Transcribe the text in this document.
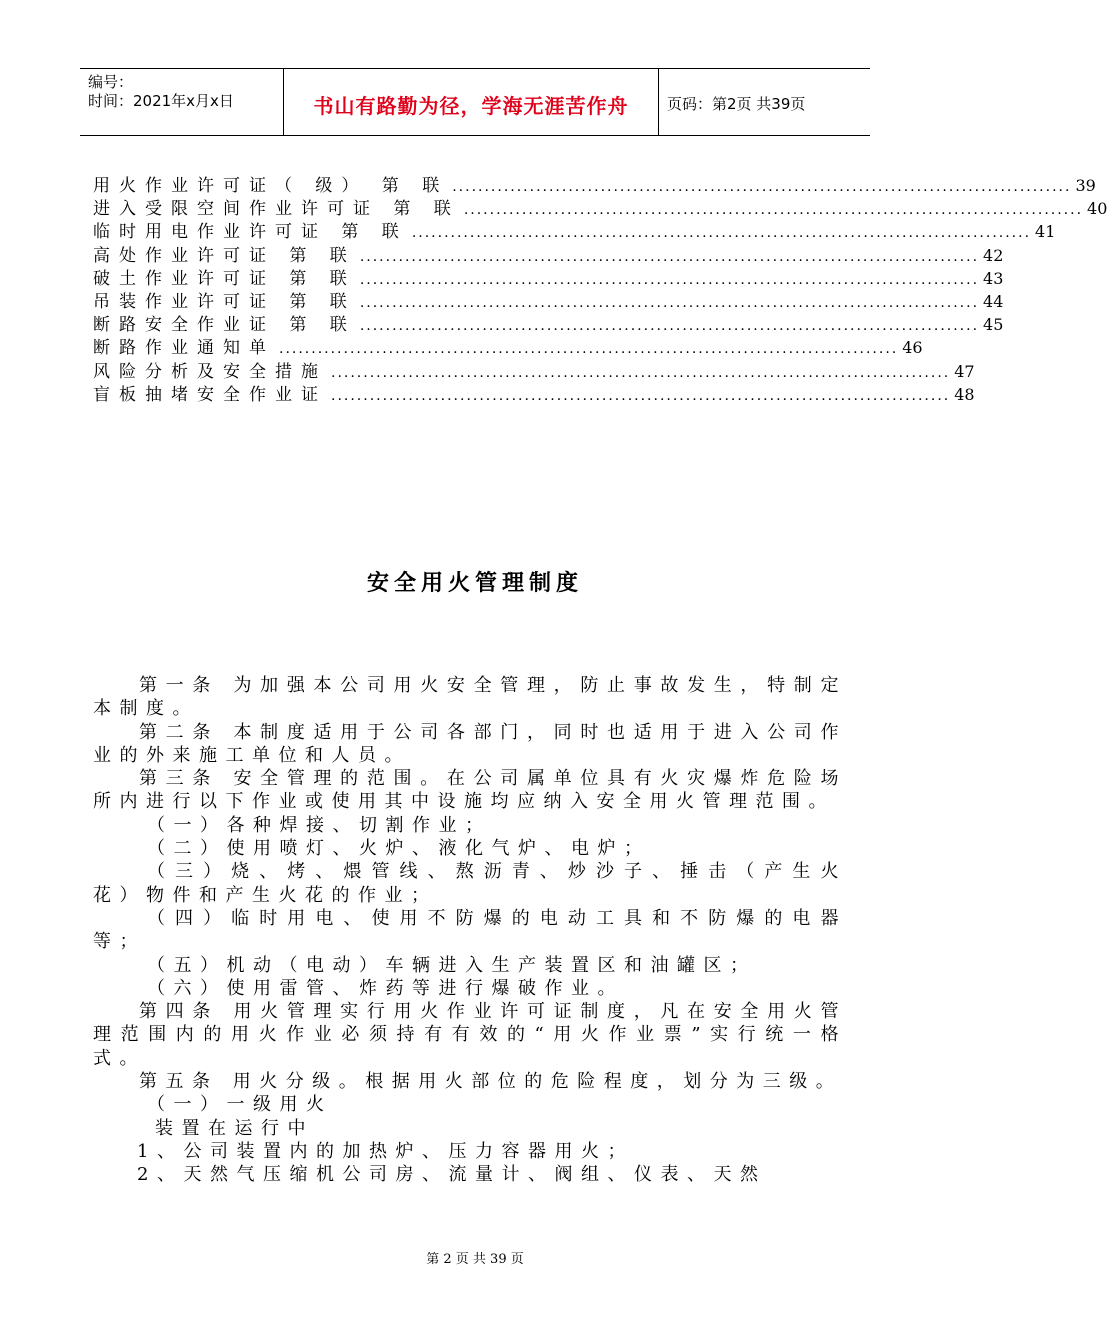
编号：
时间：2021年x月x日	书山有路勤为径，学海无涯苦作舟	页码：第2页 共39页
用火作业许可证（ 级） 第 联 ................................................................................................ 39
进入受限空间作业许可证 第 联 ................................................................................................ 40
临时用电作业许可证 第 联 ................................................................................................ 41
高处作业许可证 第 联 ................................................................................................ 42
破土作业许可证 第 联 ................................................................................................ 43
吊装作业许可证 第 联 ................................................................................................ 44
断路安全作业证 第 联 ................................................................................................ 45
断路作业通知单 ................................................................................................ 46
风险分析及安全措施 ................................................................................................ 47
盲板抽堵安全作业证 ................................................................................................ 48
安全用火管理制度

第一条 为加强本公司用火安全管理，防止事故发生，特制定本制度。

第二条 本制度适用于公司各部门，同时也适用于进入公司作业的外来施工单位和人员。

第三条 安全管理的范围。在公司属单位具有火灾爆炸危险场所内进行以下作业或使用其中设施均应纳入安全用火管理范围。

（一）各种焊接、切割作业；

（二）使用喷灯、火炉、液化气炉、电炉；

（三）烧、烤、煨管线、熬沥青、炒沙子、捶击（产生火花）物件和产生火花的作业；

（四）临时用电、使用不防爆的电动工具和不防爆的电器等；

（五）机动（电动）车辆进入生产装置区和油罐区；

（六）使用雷管、炸药等进行爆破作业。

第四条 用火管理实行用火作业许可证制度，凡在安全用火管理范围内的用火作业必须持有有效的“用火作业票”实行统一格式。

第五条 用火分级。根据用火部位的危险程度，划分为三级。

（一）一级用火

装置在运行中

1、公司装置内的加热炉、压力容器用火；

2、天然气压缩机公司房、流量计、阀组、仪表、天然

第 2 页 共 39 页
